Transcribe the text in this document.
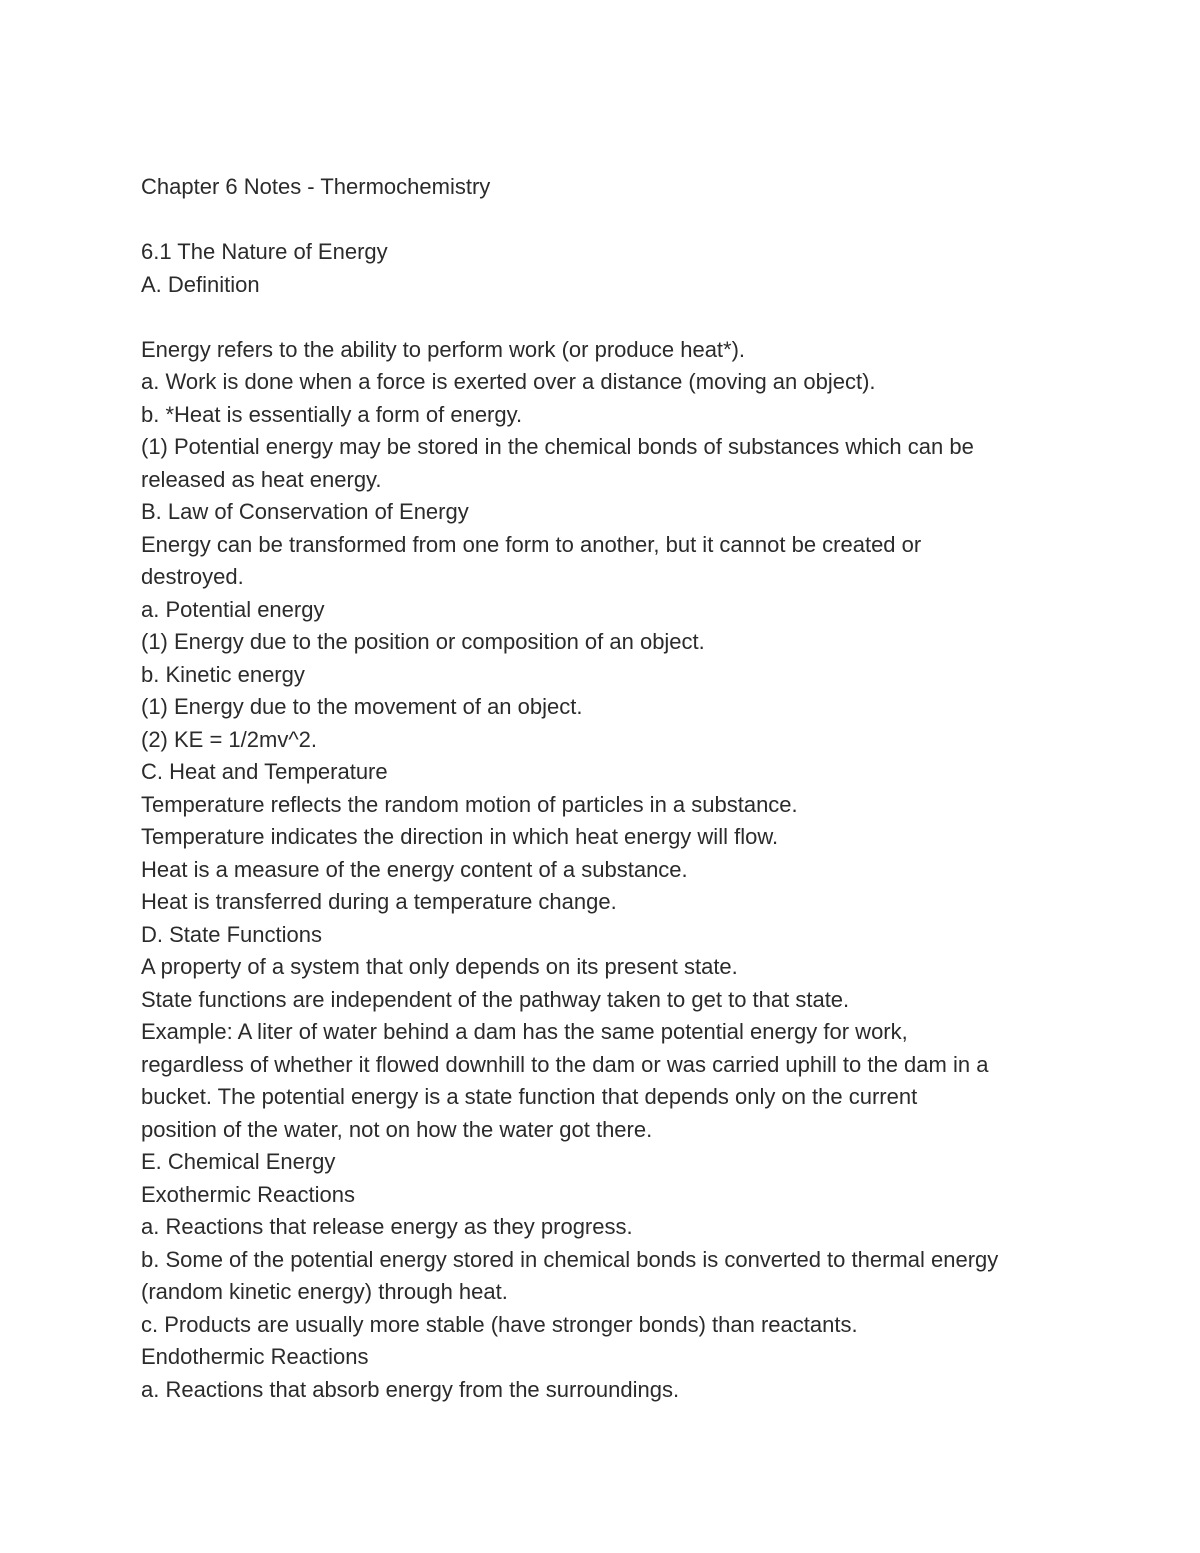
Chapter 6 Notes - Thermochemistry
6.1 The Nature of Energy
A. Definition
Energy refers to the ability to perform work (or produce heat*).
a. Work is done when a force is exerted over a distance (moving an object).
b. *Heat is essentially a form of energy.
(1) Potential energy may be stored in the chemical bonds of substances which can be
released as heat energy.
B. Law of Conservation of Energy
Energy can be transformed from one form to another, but it cannot be created or
destroyed.
a. Potential energy
(1) Energy due to the position or composition of an object.
b. Kinetic energy
(1) Energy due to the movement of an object.
(2) KE = 1/2mv^2.
C. Heat and Temperature
Temperature reflects the random motion of particles in a substance.
Temperature indicates the direction in which heat energy will flow.
Heat is a measure of the energy content of a substance.
Heat is transferred during a temperature change.
D. State Functions
A property of a system that only depends on its present state.
State functions are independent of the pathway taken to get to that state.
Example: A liter of water behind a dam has the same potential energy for work,
regardless of whether it flowed downhill to the dam or was carried uphill to the dam in a
bucket. The potential energy is a state function that depends only on the current
position of the water, not on how the water got there.
E. Chemical Energy
Exothermic Reactions
a. Reactions that release energy as they progress.
b. Some of the potential energy stored in chemical bonds is converted to thermal energy
(random kinetic energy) through heat.
c. Products are usually more stable (have stronger bonds) than reactants.
Endothermic Reactions
a. Reactions that absorb energy from the surroundings.
